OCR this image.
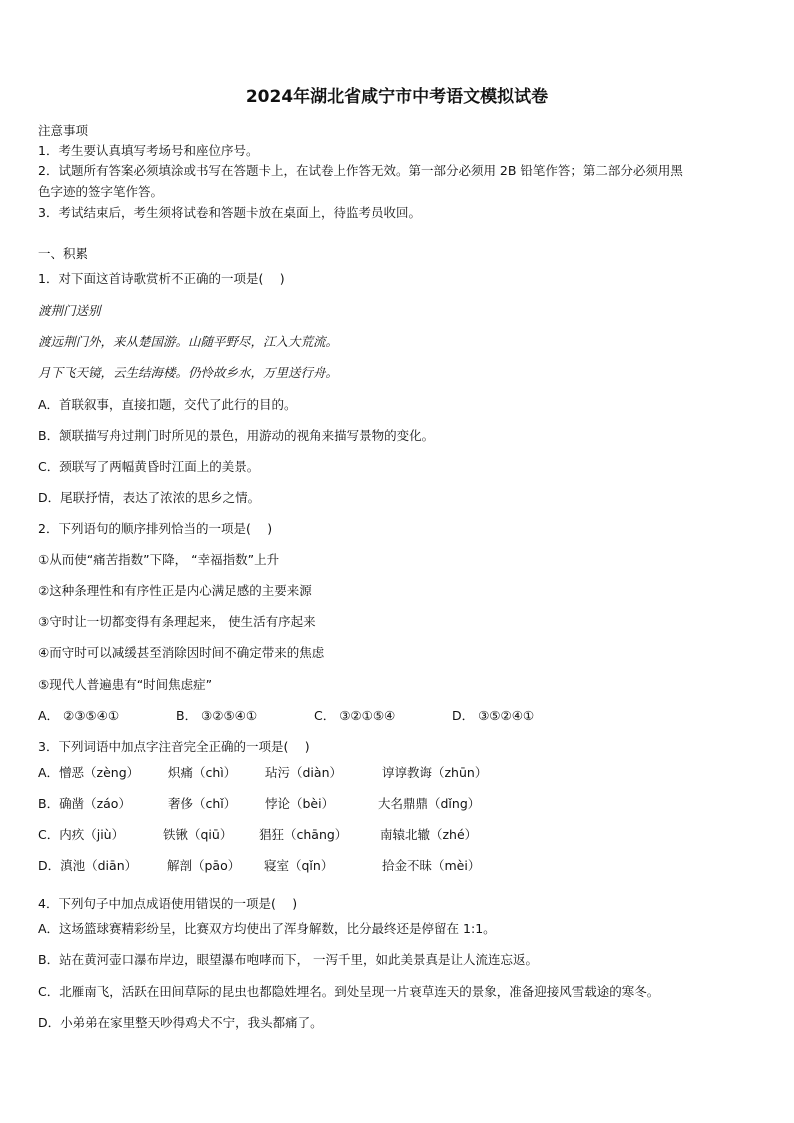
2024年湖北省咸宁市中考语文模拟试卷
注意事项
1．考生要认真填写考场号和座位序号。
2．试题所有答案必须填涂或书写在答题卡上，在试卷上作答无效。第一部分必须用 2B 铅笔作答；第二部分必须用黑
色字迹的签字笔作答。
3．考试结束后，考生须将试卷和答题卡放在桌面上，待监考员收回。
一、积累
1．对下面这首诗歌赏析不正确的一项是(　 )
渡荆门送别
渡远荆门外，来从楚国游。山随平野尽，江入大荒流。
月下飞天镜，云生结海楼。仍怜故乡水，万里送行舟。
A．首联叙事，直接扣题，交代了此行的目的。
B．颔联描写舟过荆门时所见的景色，用游动的视角来描写景物的变化。
C．颈联写了两幅黄昏时江面上的美景。
D．尾联抒情，表达了浓浓的思乡之情。
2．下列语句的顺序排列恰当的一项是(　 )
①从而使“痛苦指数”下降， “幸福指数”上升
②这种条理性和有序性正是内心满足感的主要来源
③守时让一切都变得有条理起来， 使生活有序起来
④而守时可以减缓甚至消除因时间不确定带来的焦虑
⑤现代人普遍患有“时间焦虑症”
A． ②③⑤④①	B． ③②⑤④①	C． ③②①⑤④	D． ③⑤②④①
3．下列词语中加点字注音完全正确的一项是(　 )
A．憎恶（zèng） 炽痛（chì） 玷污（diàn）	谆谆教诲（zhūn）
B．确凿（záo）	奢侈（chǐ） 悖论（bèi）	大名鼎鼎（dǐng）
C．内疚（jiù）	铁锹（qiū） 猖狂（chāng）	南辕北辙（zhé）
D．滇池（diān） 解剖（pāo） 寝室（qǐn）	拾金不昧（mèi）
4．下列句子中加点成语使用错误的一项是(　 )
A．这场篮球赛精彩纷呈，比赛双方均使出了浑身解数，比分最终还是停留在 1:1。
B．站在黄河壶口瀑布岸边，眼望瀑布咆哮而下， 一泻千里，如此美景真是让人流连忘返。
C．北雁南飞，活跃在田间草际的昆虫也都隐姓埋名。到处呈现一片衰草连天的景象，准备迎接风雪载途的寒冬。
D．小弟弟在家里整天吵得鸡犬不宁，我头都痛了。
